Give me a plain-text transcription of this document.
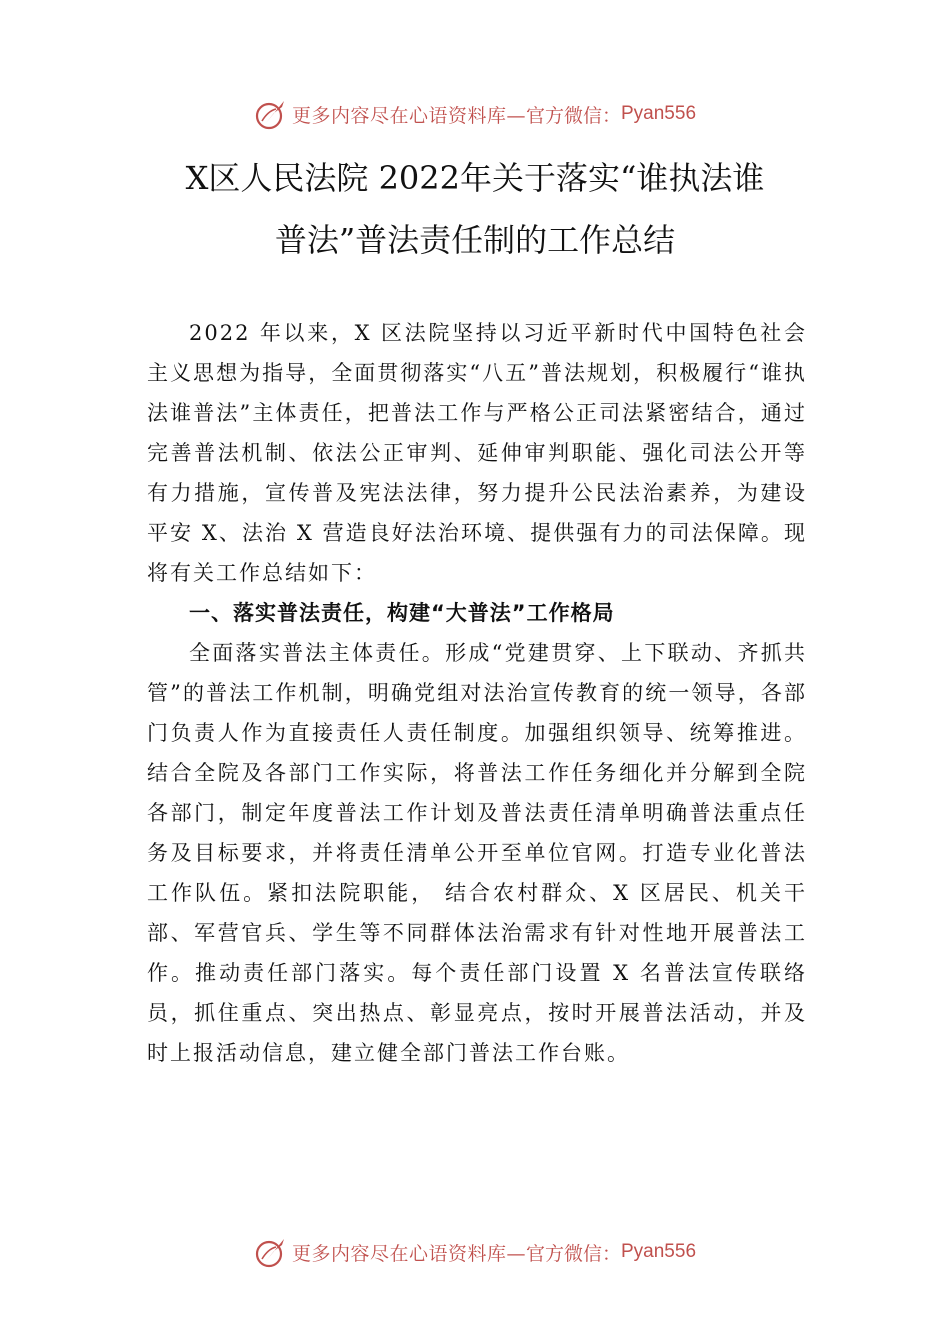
更多内容尽在心语资料库— 官方微信： Pyan556
X区人民法院 2022年关于落实“谁执法谁
普法”普法责任制的工作总结

2022 年以来，X 区法院坚持以习近平新时代中国特色社会主义思想为指导，全面贯彻落实“八五”普法规划，积极履行“谁执法谁普法”主体责任，把普法工作与严格公正司法紧密结合，通过完善普法机制、依法公正审判、延伸审判职能、强化司法公开等有力措施，宣传普及宪法法律，努力提升公民法治素养，为建设平安 X、法治 X 营造良好法治环境、提供强有力的司法保障。现将有关工作总结如下：

一、落实普法责任，构建“大普法”工作格局

全面落实普法主体责任。形成“党建贯穿、上下联动、齐抓共管”的普法工作机制，明确党组对法治宣传教育的统一领导，各部门负责人作为直接责任人责任制度。加强组织领导、统筹推进。结合全院及各部门工作实际，将普法工作任务细化并分解到全院各部门，制定年度普法工作计划及普法责任清单明确普法重点任务及目标要求，并将责任清单公开至单位官网。打造专业化普法工作队伍。紧扣法院职能， 结合农村群众、X 区居民、机关干部、军营官兵、学生等不同群体法治需求有针对性地开展普法工作。推动责任部门落实。每个责任部门设置 X 名普法宣传联络员，抓住重点、突出热点、彰显亮点，按时开展普法活动，并及时上报活动信息，建立健全部门普法工作台账。

更多内容尽在心语资料库— 官方微信： Pyan556
